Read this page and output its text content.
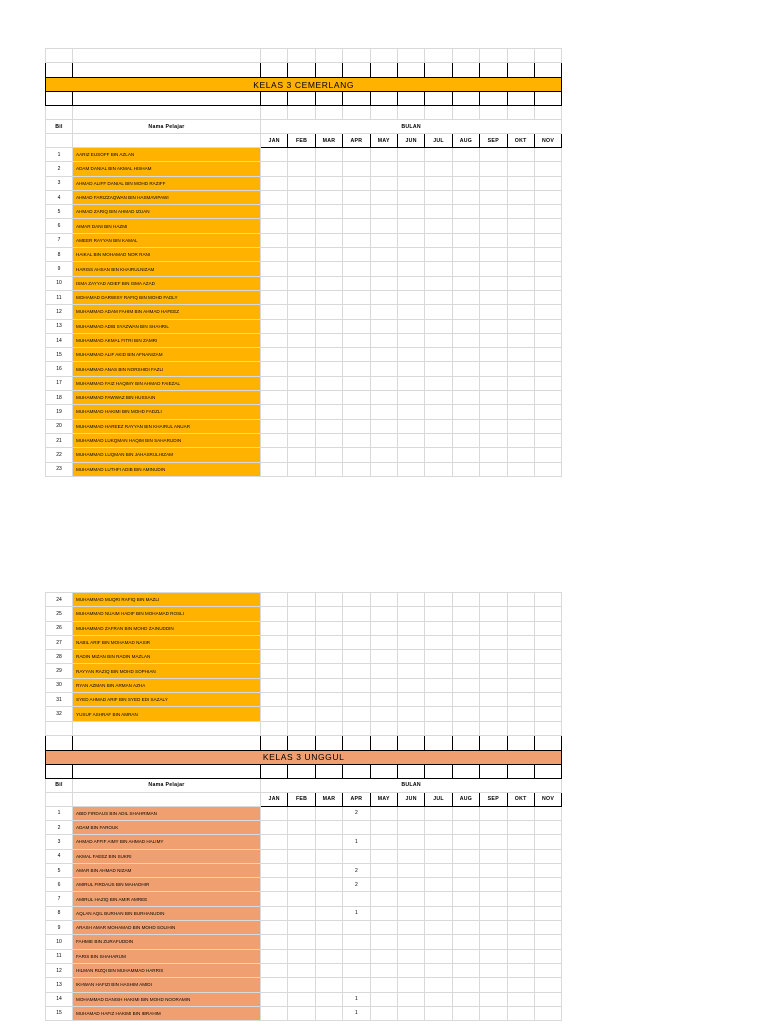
KELAS 3 CEMERLANG												

Bil	Nama Pelajar	BULAN										
		JAN	FEB	MAR	APR	MAY	JUN	JUL	AUG	SEP	OKT	NOV
1	AARIZ EUSOFF BIN AZLAN											
2	ADAM DANIAL BIN AKMAL HISHAM											
3	AHMAD ALIFF DANIAL BIN MOHD RAZIFF											
4	AHMAD FARIZZAQWAN BIN HASMAVIPAWI											
5	AHMAD ZARIQ BIN AHMAD IZUAN											
6	AIMAR DANI BIN HAZMI											
7	AMEER RAYYAN BIN KAMAL											
8	HAIKAL BIN MOHAMAD NOR RANI											
9	HARISS AHSAN BIN KHAIRULNIZAM											
10	ISMA ZAYYAD ADIEF BIN ISMA AZAD											
11	MOHAMAD DARWISY RAFIQ BIN MOHD FADLY											
12	MUHAMMAD ADAM FAHIM BIN AHMAD HAFEEZ											
13	MUHAMMAD ADIB SYAZWAN BIN SHAHRIL											
14	MUHAMMAD AKMAL FITRI BIN ZAMRI											
15	MUHAMMAD ALIF AKID BIN AFNANIZAM											
16	MUHAMMAD ANAS BIN NORSHIDI FAZLI											
17	MUHAMMAD FAIZ HAQIMY BIN AHMAD FAIEZAL											
18	MUHAMMAD FAWWAZ BIN HUSSAIN											
19	MUHAMMAD HAKIMI BIN MOHD FADZLI											
20	MUHAMMAD HAREEZ RAYYAN BIN KHAIRUL ANUAR											
21	MUHAMMAD LUKQMAN HAQIM BIN SAHARUDIN											
22	MUHAMMAD LUQMAN BIN JAHASRULHIZAM											
23	MUHAMMAD LUTHFI ADIB BIN AMINUDIN											
24	MUHAMMAD MUQRI RAFIQ BIN MAZLI											
25	MUHAMMAD NUAIM HADIF BIN MOHAMAD ROSLI											
26	MUHAMMAD ZAFRAN BIN MOHD ZAINUDDIN											
27	NABIL ARIF BIN MOHAMAD NASIR											
28	RADIN MIZAN BIN RADIN MAZLAN											
29	RAYYAN RAZIQ BIN MOHD SOPHIAN											
30	RYAN AZMAN BIN ARMAN AZHA											
31	SYED AHMAD ARIF BIN SYED EDI SAZALY											
32	YUSUF ASHRAF BIN AMRAN											

KELAS 3 UNGGUL												

Bil	Nama Pelajar	BULAN										
		JAN	FEB	MAR	APR	MAY	JUN	JUL	AUG	SEP	OKT	NOV
1	ABID FIRDAUS BIN ADIL SHAHRIMAN				2							
2	ADAM BIN FAROUK											
3	AHMAD AFFIF AIMY BIN AHMAD HALIMY				1							
4	AKMAL FAEEZ BIN SUKRI											
5	AMAR BIN AHMAD NIZAM				2							
6	AMIRUL FIRDAUS BIN MAHADHIR				2							
7	AMIRUL HAZIQ BIN AMIR AMREE											
8	AQLAN AQIL BURHAN BIN BURHANUDIN				1							
9	ARASH AMAR MOHAMAD BIN MOHD SOLIHIN											
10	FAHMIE BIN ZURAFUDDIN											
11	FARIS BIN SHAHARUM											
12	HILMAN RIZQI BIN MUHAMMAD HARRIS											
13	IKHWAN HAFIZI BIN HASHIM AMIDI											
14	MOHAMMAD DANISH HAKIMI BIN MOHD NOORAMIN				1							
15	MUHAMAD HAFIZ HAKIMI BIN IBRAHIM				1							
